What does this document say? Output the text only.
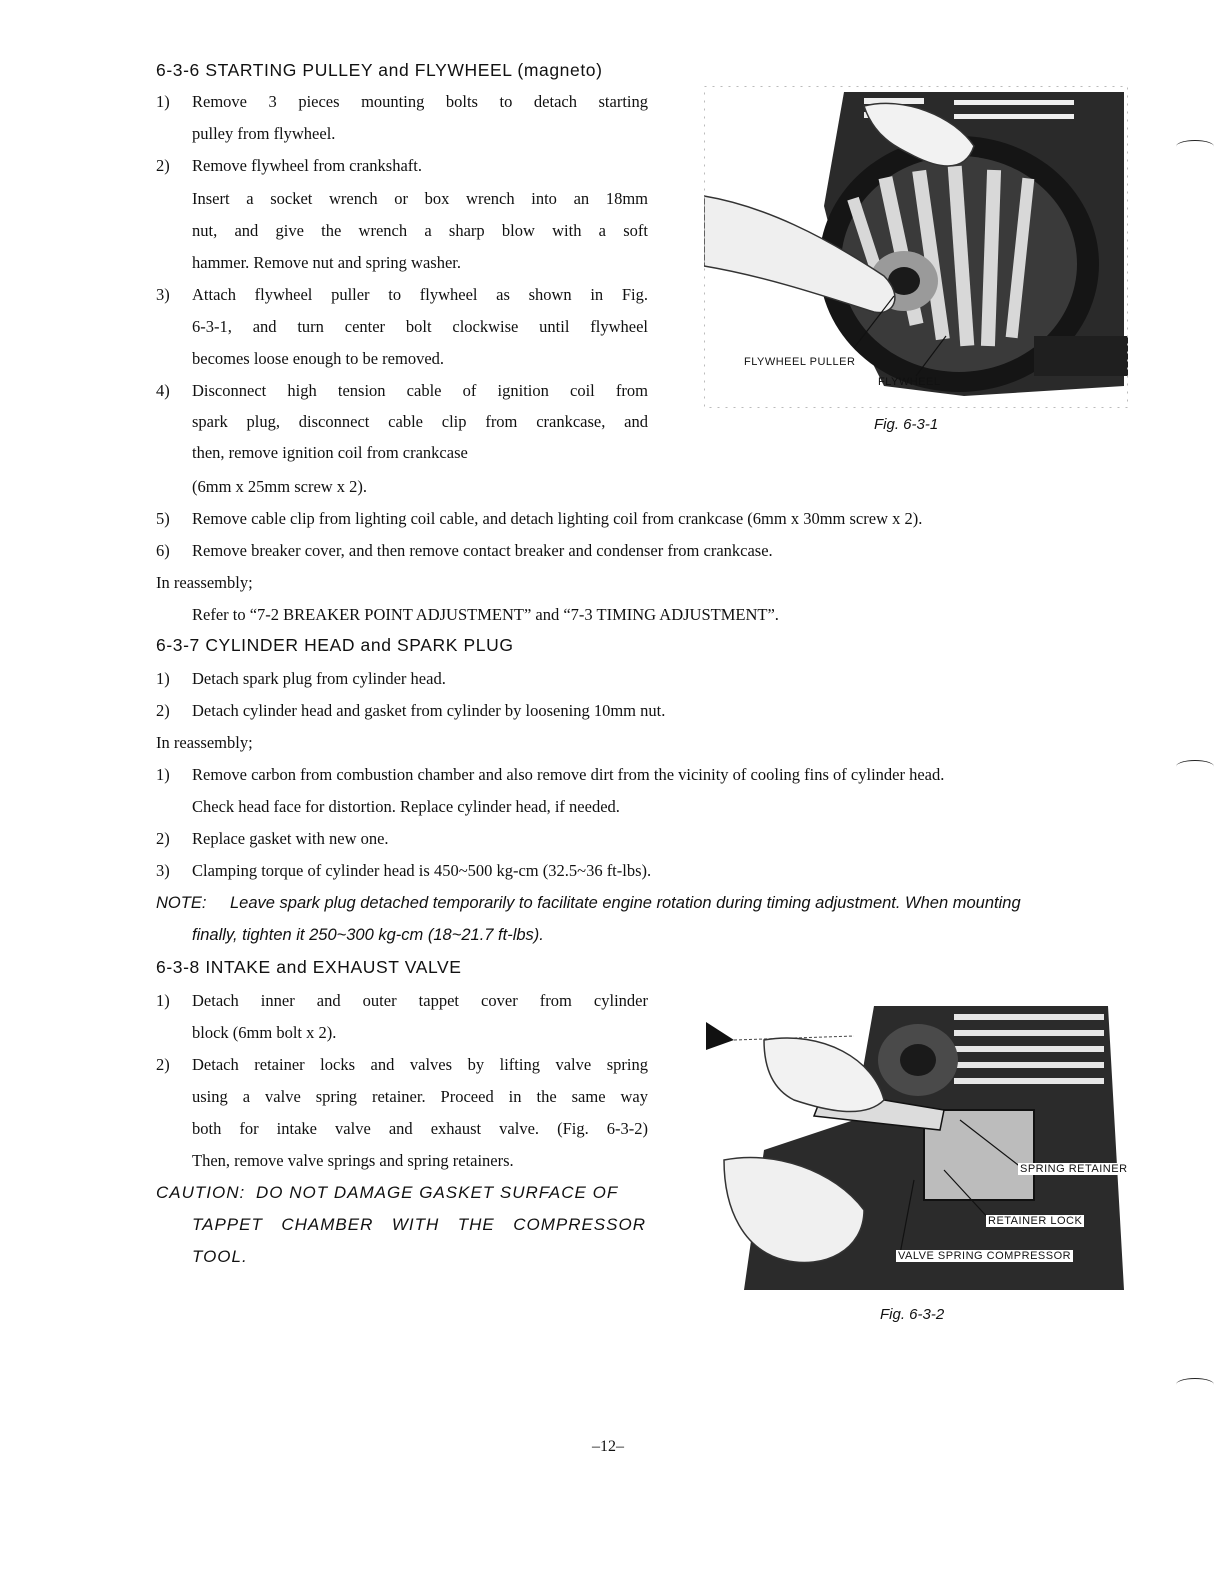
6-3-6 STARTING PULLEY and FLYWHEEL (magneto)
1) Remove 3 pieces mounting bolts to detach starting
pulley from flywheel.
2) Remove flywheel from crankshaft.
Insert a socket wrench or box wrench into an 18mm
nut, and give the wrench a sharp blow with a soft
hammer. Remove nut and spring washer.
3) Attach flywheel puller to flywheel as shown in Fig.
6-3-1, and turn center bolt clockwise until flywheel
becomes loose enough to be removed.
4) Disconnect high tension cable of ignition coil from
spark plug, disconnect cable clip from crankcase, and
then, remove ignition coil from crankcase
(6mm x 25mm screw x 2).
5) Remove cable clip from lighting coil cable, and detach lighting coil from crankcase (6mm x 30mm screw x 2).
6) Remove breaker cover, and then remove contact breaker and condenser from crankcase.
In reassembly;
Refer to “7-2 BREAKER POINT ADJUSTMENT” and “7-3 TIMING ADJUSTMENT”.
FLYWHEEL PULLER
FLYWHEEL
Fig. 6-3-1
6-3-7 CYLINDER HEAD and SPARK PLUG
1) Detach spark plug from cylinder head.
2) Detach cylinder head and gasket from cylinder by loosening 10mm nut.
In reassembly;
1) Remove carbon from combustion chamber and also remove dirt from the vicinity of cooling fins of cylinder head.
Check head face for distortion. Replace cylinder head, if needed.
2) Replace gasket with new one.
3) Clamping torque of cylinder head is 450~500 kg-cm (32.5~36 ft-lbs).
NOTE: Leave spark plug detached temporarily to facilitate engine rotation during timing adjustment. When mounting
finally, tighten it 250~300 kg-cm (18~21.7 ft-lbs).
6-3-8 INTAKE and EXHAUST VALVE
1) Detach inner and outer tappet cover from cylinder
block (6mm bolt x 2).
2) Detach retainer locks and valves by lifting valve spring
using a valve spring retainer. Proceed in the same way
both for intake valve and exhaust valve. (Fig. 6-3-2)
Then, remove valve springs and spring retainers.
CAUTION: DO NOT DAMAGE GASKET SURFACE OF
TAPPET CHAMBER WITH THE COMPRESSOR
TOOL.
SPRING RETAINER
RETAINER LOCK
VALVE SPRING COMPRESSOR
Fig. 6-3-2
–12–
